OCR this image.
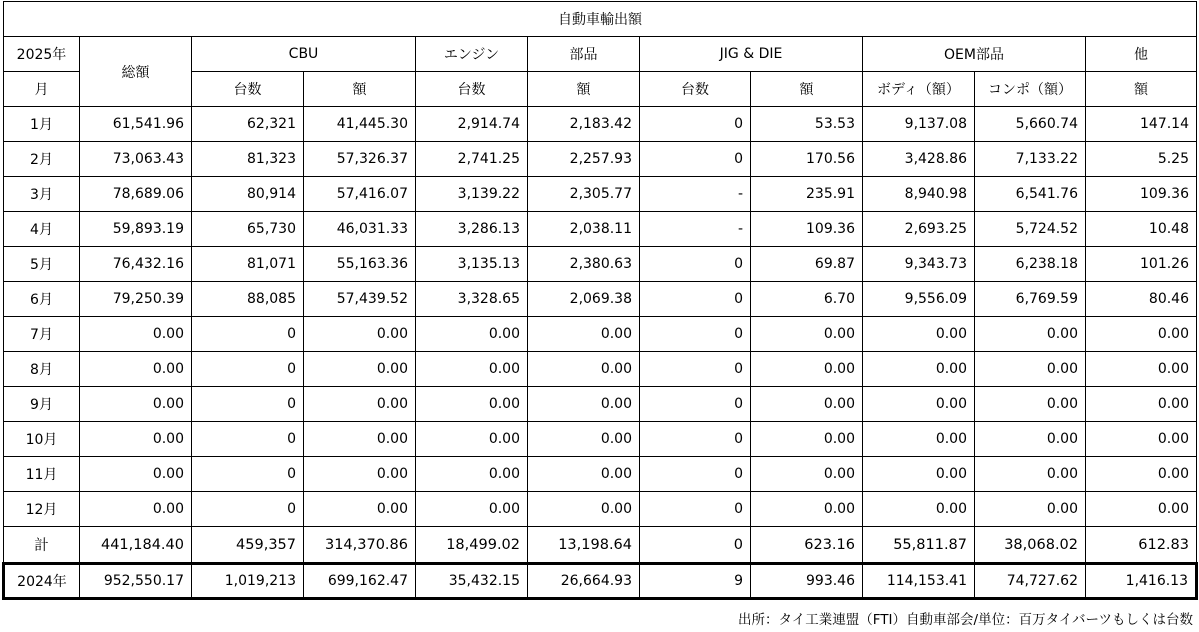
自動車輸出額										
2025年	総額	CBU		エンジン	部品	JIG & DIE		OEM部品		他
月		台数	額	台数	額	台数	額	ボディ（額）	コンポ（額）	額
1月	61,541.96	62,321	41,445.30	2,914.74	2,183.42	0	53.53	9,137.08	5,660.74	147.14
2月	73,063.43	81,323	57,326.37	2,741.25	2,257.93	0	170.56	3,428.86	7,133.22	5.25
3月	78,689.06	80,914	57,416.07	3,139.22	2,305.77	-	235.91	8,940.98	6,541.76	109.36
4月	59,893.19	65,730	46,031.33	3,286.13	2,038.11	-	109.36	2,693.25	5,724.52	10.48
5月	76,432.16	81,071	55,163.36	3,135.13	2,380.63	0	69.87	9,343.73	6,238.18	101.26
6月	79,250.39	88,085	57,439.52	3,328.65	2,069.38	0	6.70	9,556.09	6,769.59	80.46
7月	0.00	0	0.00	0.00	0.00	0	0.00	0.00	0.00	0.00
8月	0.00	0	0.00	0.00	0.00	0	0.00	0.00	0.00	0.00
9月	0.00	0	0.00	0.00	0.00	0	0.00	0.00	0.00	0.00
10月	0.00	0	0.00	0.00	0.00	0	0.00	0.00	0.00	0.00
11月	0.00	0	0.00	0.00	0.00	0	0.00	0.00	0.00	0.00
12月	0.00	0	0.00	0.00	0.00	0	0.00	0.00	0.00	0.00
計	441,184.40	459,357	314,370.86	18,499.02	13,198.64	0	623.16	55,811.87	38,068.02	612.83
2024年	952,550.17	1,019,213	699,162.47	35,432.15	26,664.93	9	993.46	114,153.41	74,727.62	1,416.13
出所：タイ工業連盟（FTI）自動車部会/単位：百万タイバーツもしくは台数
